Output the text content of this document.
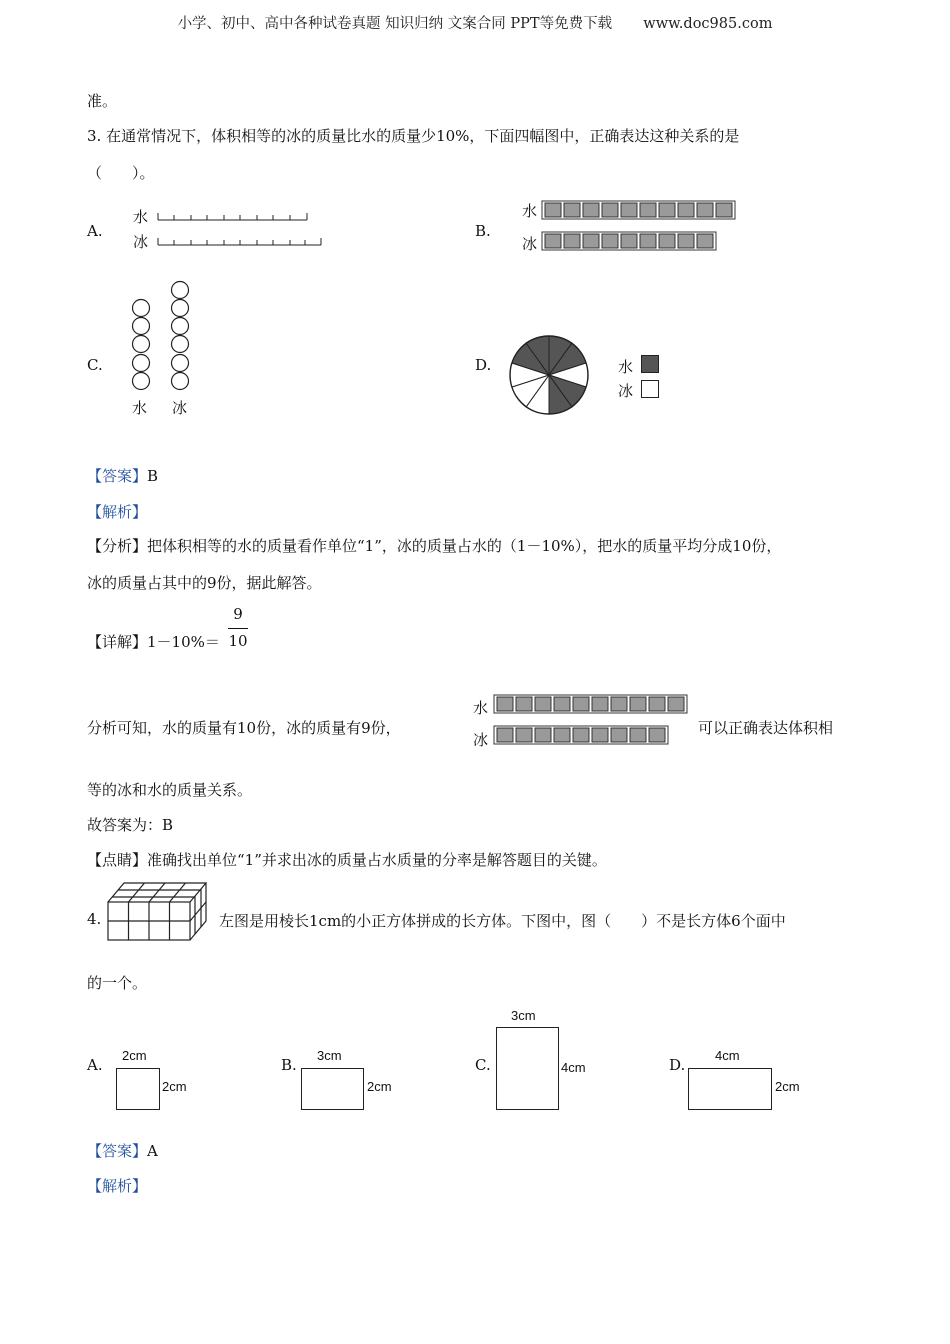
小学、初中、高中各种试卷真题 知识归纳 文案合同 PPT等免费下载 www.doc985.com
准。
3. 在通常情况下，体积相等的冰的质量比水的质量少10%，下面四幅图中，正确表达这种关系的是
（　　）。
A.
水
冰
B.
水
冰
C.
水 冰
D.	水
冰
【答案】B
【解析】
【分析】把体积相等的水的质量看作单位“1”，冰的质量占水的（1－10%），把水的质量平均分成10份，
冰的质量占其中的9份，据此解答。
【详解】1－10%＝
9
10
分析可知，水的质量有10份，冰的质量有9份，
水
冰
可以正确表达体积相
等的冰和水的质量关系。
故答案为：B
【点睛】准确找出单位“1”并求出冰的质量占水质量的分率是解答题目的关键。
4.	左图是用棱长1cm的小正方体拼成的长方体。下图中，图（　　）不是长方体6个面中
的一个。
A.
2cm
2cm
B.
3cm
2cm
C.
3cm
4cm	D.
4cm
2cm
【答案】A
【解析】
